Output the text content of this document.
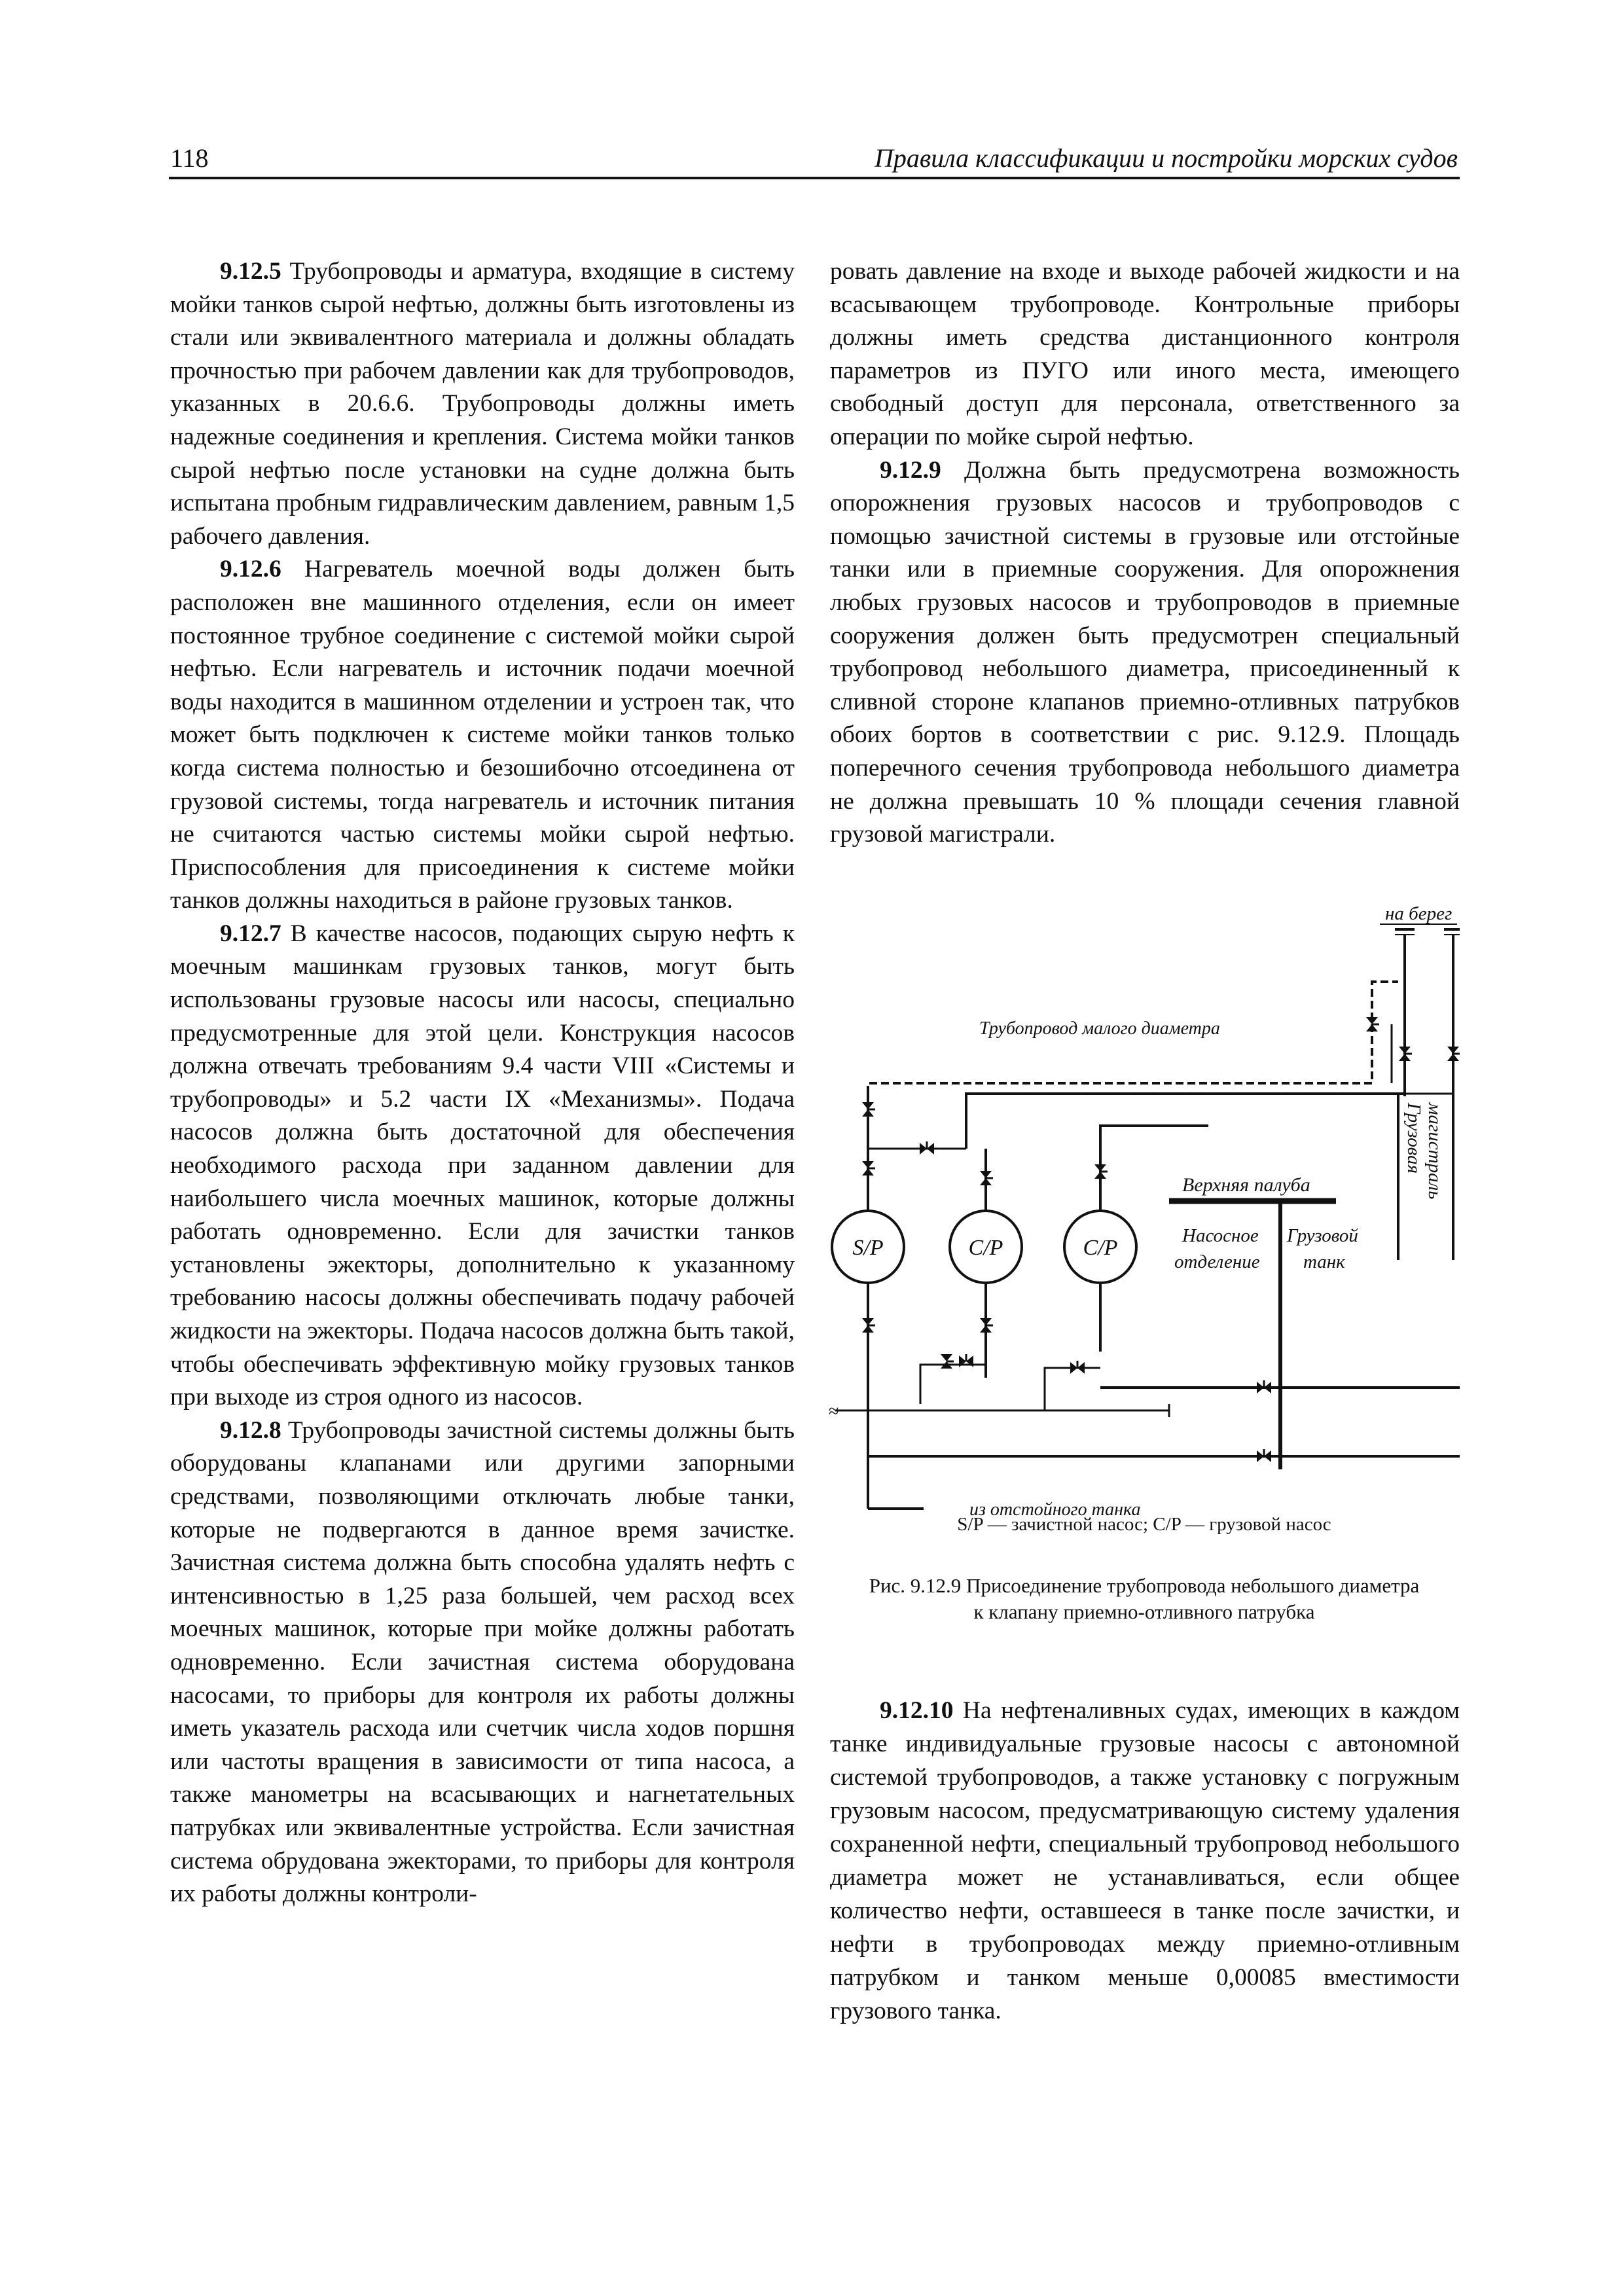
118	Правила классификации и постройки морских судов

9.12.5 Трубопроводы и арматура, входящие в систему мойки танков сырой нефтью, должны быть изготовлены из стали или эквивалентного материала и должны обладать прочностью при рабочем давлении как для трубопроводов, указанных в 20.6.6. Трубопроводы должны иметь надежные соединения и крепления. Система мойки танков сырой нефтью после установки на судне должна быть испытана пробным гидравлическим давлением, равным 1,5 рабочего давления.

9.12.6 Нагреватель моечной воды должен быть расположен вне машинного отделения, если он имеет постоянное трубное соединение с системой мойки сырой нефтью. Если нагреватель и источник подачи моечной воды находится в машинном отделении и устроен так, что может быть подключен к системе мойки танков только когда система полностью и безошибочно отсоединена от грузовой системы, тогда нагреватель и источник питания не считаются частью системы мойки сырой нефтью. Приспособления для присоединения к системе мойки танков должны находиться в районе грузовых танков.

9.12.7 В качестве насосов, подающих сырую нефть к моечным машинкам грузовых танков, могут быть использованы грузовые насосы или насосы, специально предусмотренные для этой цели. Конструкция насосов должна отвечать требованиям 9.4 части VIII «Системы и трубопроводы» и 5.2 части IX «Механизмы». Подача насосов должна быть достаточной для обеспечения необходимого расхода при заданном давлении для наибольшего числа моечных машинок, которые должны работать одновременно. Если для зачистки танков установлены эжекторы, дополнительно к указанному требованию насосы должны обеспечивать подачу рабочей жидкости на эжекторы. Подача насосов должна быть такой, чтобы обеспечивать эффективную мойку грузовых танков при выходе из строя одного из насосов.

9.12.8 Трубопроводы зачистной системы должны быть оборудованы клапанами или другими запорными средствами, позволяющими отключать любые танки, которые не подвергаются в данное время зачистке. Зачистная система должна быть способна удалять нефть с интенсивностью в 1,25 раза большей, чем расход всех моечных машинок, которые при мойке должны работать одновременно. Если зачистная система оборудована насосами, то приборы для контроля их работы должны иметь указатель расхода или счетчик числа ходов поршня или частоты вращения в зависимости от типа насоса, а также манометры на всасывающих и нагнетательных патрубках или эквивалентные устройства. Если зачистная система обрудована эжекторами, то приборы для контроля их работы должны контроли-

ровать давление на входе и выходе рабочей жидкости и на всасывающем трубопроводе. Контрольные приборы должны иметь средства дистанционного контроля параметров из ПУГО или иного места, имеющего свободный доступ для персонала, ответственного за операции по мойке сырой нефтью.

9.12.9 Должна быть предусмотрена возможность опорожнения грузовых насосов и трубопроводов с помощью зачистной системы в грузовые или отстойные танки или в приемные сооружения. Для опорожнения любых грузовых насосов и трубопроводов в приемные сооружения должен быть предусмотрен специальный трубопровод небольшого диаметра, присоединенный к сливной стороне клапанов приемно-отливных патрубков обоих бортов в соответствии с рис. 9.12.9. Площадь поперечного сечения трубопровода небольшого диаметра не должна превышать 10 % площади сечения главной грузовой магистрали.

на берег
Трубопровод малого диаметра
Грузовая магистраль
S/P	C/P	C/P
≈
из отстойного танка
Верхняя палуба
Насосное
отделение
Грузовой
танк
S/P — зачистной насос; C/P — грузовой насос
Рис. 9.12.9 Присоединение трубопровода небольшого диаметра
к клапану приемно-отливного патрубка

9.12.10 На нефтеналивных судах, имеющих в каждом танке индивидуальные грузовые насосы с автономной системой трубопроводов, а также установку с погружным грузовым насосом, предусматривающую систему удаления сохраненной нефти, специальный трубопровод небольшого диаметра может не устанавливаться, если общее количество нефти, оставшееся в танке после зачистки, и нефти в трубопроводах между приемно-отливным патрубком и танком меньше 0,00085 вместимости грузового танка.
